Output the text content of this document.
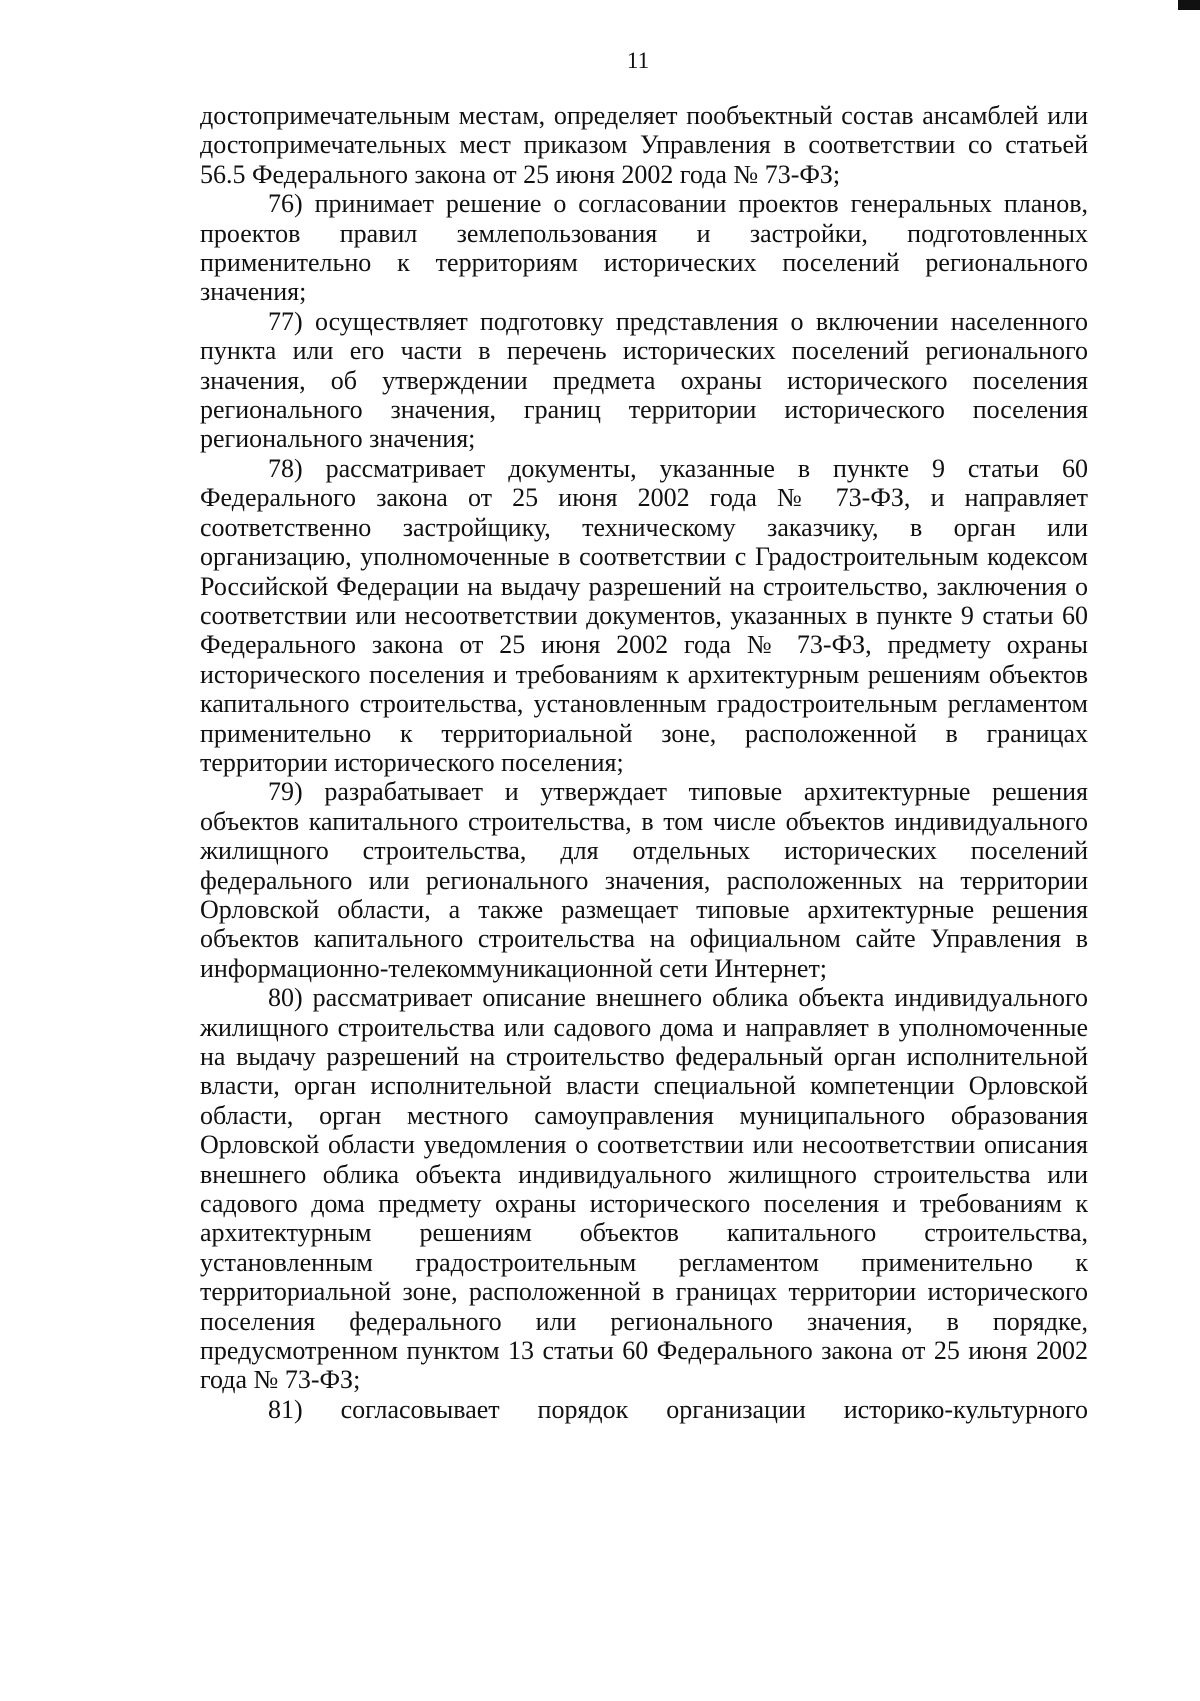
11

достопримечательным местам, определяет пообъектный состав ансамблей или достопримечательных мест приказом Управления в соответствии со статьей 56.5 Федерального закона от 25 июня 2002 года № 73-ФЗ;

76) принимает решение о согласовании проектов генеральных планов, проектов правил землепользования и застройки, подготовленных применительно к территориям исторических поселений регионального значения;

77) осуществляет подготовку представления о включении населенного пункта или его части в перечень исторических поселений регионального значения, об утверждении предмета охраны исторического поселения регионального значения, границ территории исторического поселения регионального значения;

78) рассматривает документы, указанные в пункте 9 статьи 60 Федерального закона от 25 июня 2002 года № 73-ФЗ, и направляет соответственно застройщику, техническому заказчику, в орган или организацию, уполномоченные в соответствии с Градостроительным кодексом Российской Федерации на выдачу разрешений на строительство, заключения о соответствии или несоответствии документов, указанных в пункте 9 статьи 60 Федерального закона от 25 июня 2002 года № 73-ФЗ, предмету охраны исторического поселения и требованиям к архитектурным решениям объектов капитального строительства, установленным градостроительным регламентом применительно к территориальной зоне, расположенной в границах территории исторического поселения;

79) разрабатывает и утверждает типовые архитектурные решения объектов капитального строительства, в том числе объектов индивидуального жилищного строительства, для отдельных исторических поселений федерального или регионального значения, расположенных на территории Орловской области, а также размещает типовые архитектурные решения объектов капитального строительства на официальном сайте Управления в информационно-телекоммуникационной сети Интернет;

80) рассматривает описание внешнего облика объекта индивидуального жилищного строительства или садового дома и направляет в уполномоченные на выдачу разрешений на строительство федеральный орган исполнительной власти, орган исполнительной власти специальной компетенции Орловской области, орган местного самоуправления муниципального образования Орловской области уведомления о соответствии или несоответствии описания внешнего облика объекта индивидуального жилищного строительства или садового дома предмету охраны исторического поселения и требованиям к архитектурным решениям объектов капитального строительства, установленным градостроительным регламентом применительно к территориальной зоне, расположенной в границах территории исторического поселения федерального или регионального значения, в порядке, предусмотренном пунктом 13 статьи 60 Федерального закона от 25 июня 2002 года № 73-ФЗ;

81) согласовывает порядок организации историко-культурного
